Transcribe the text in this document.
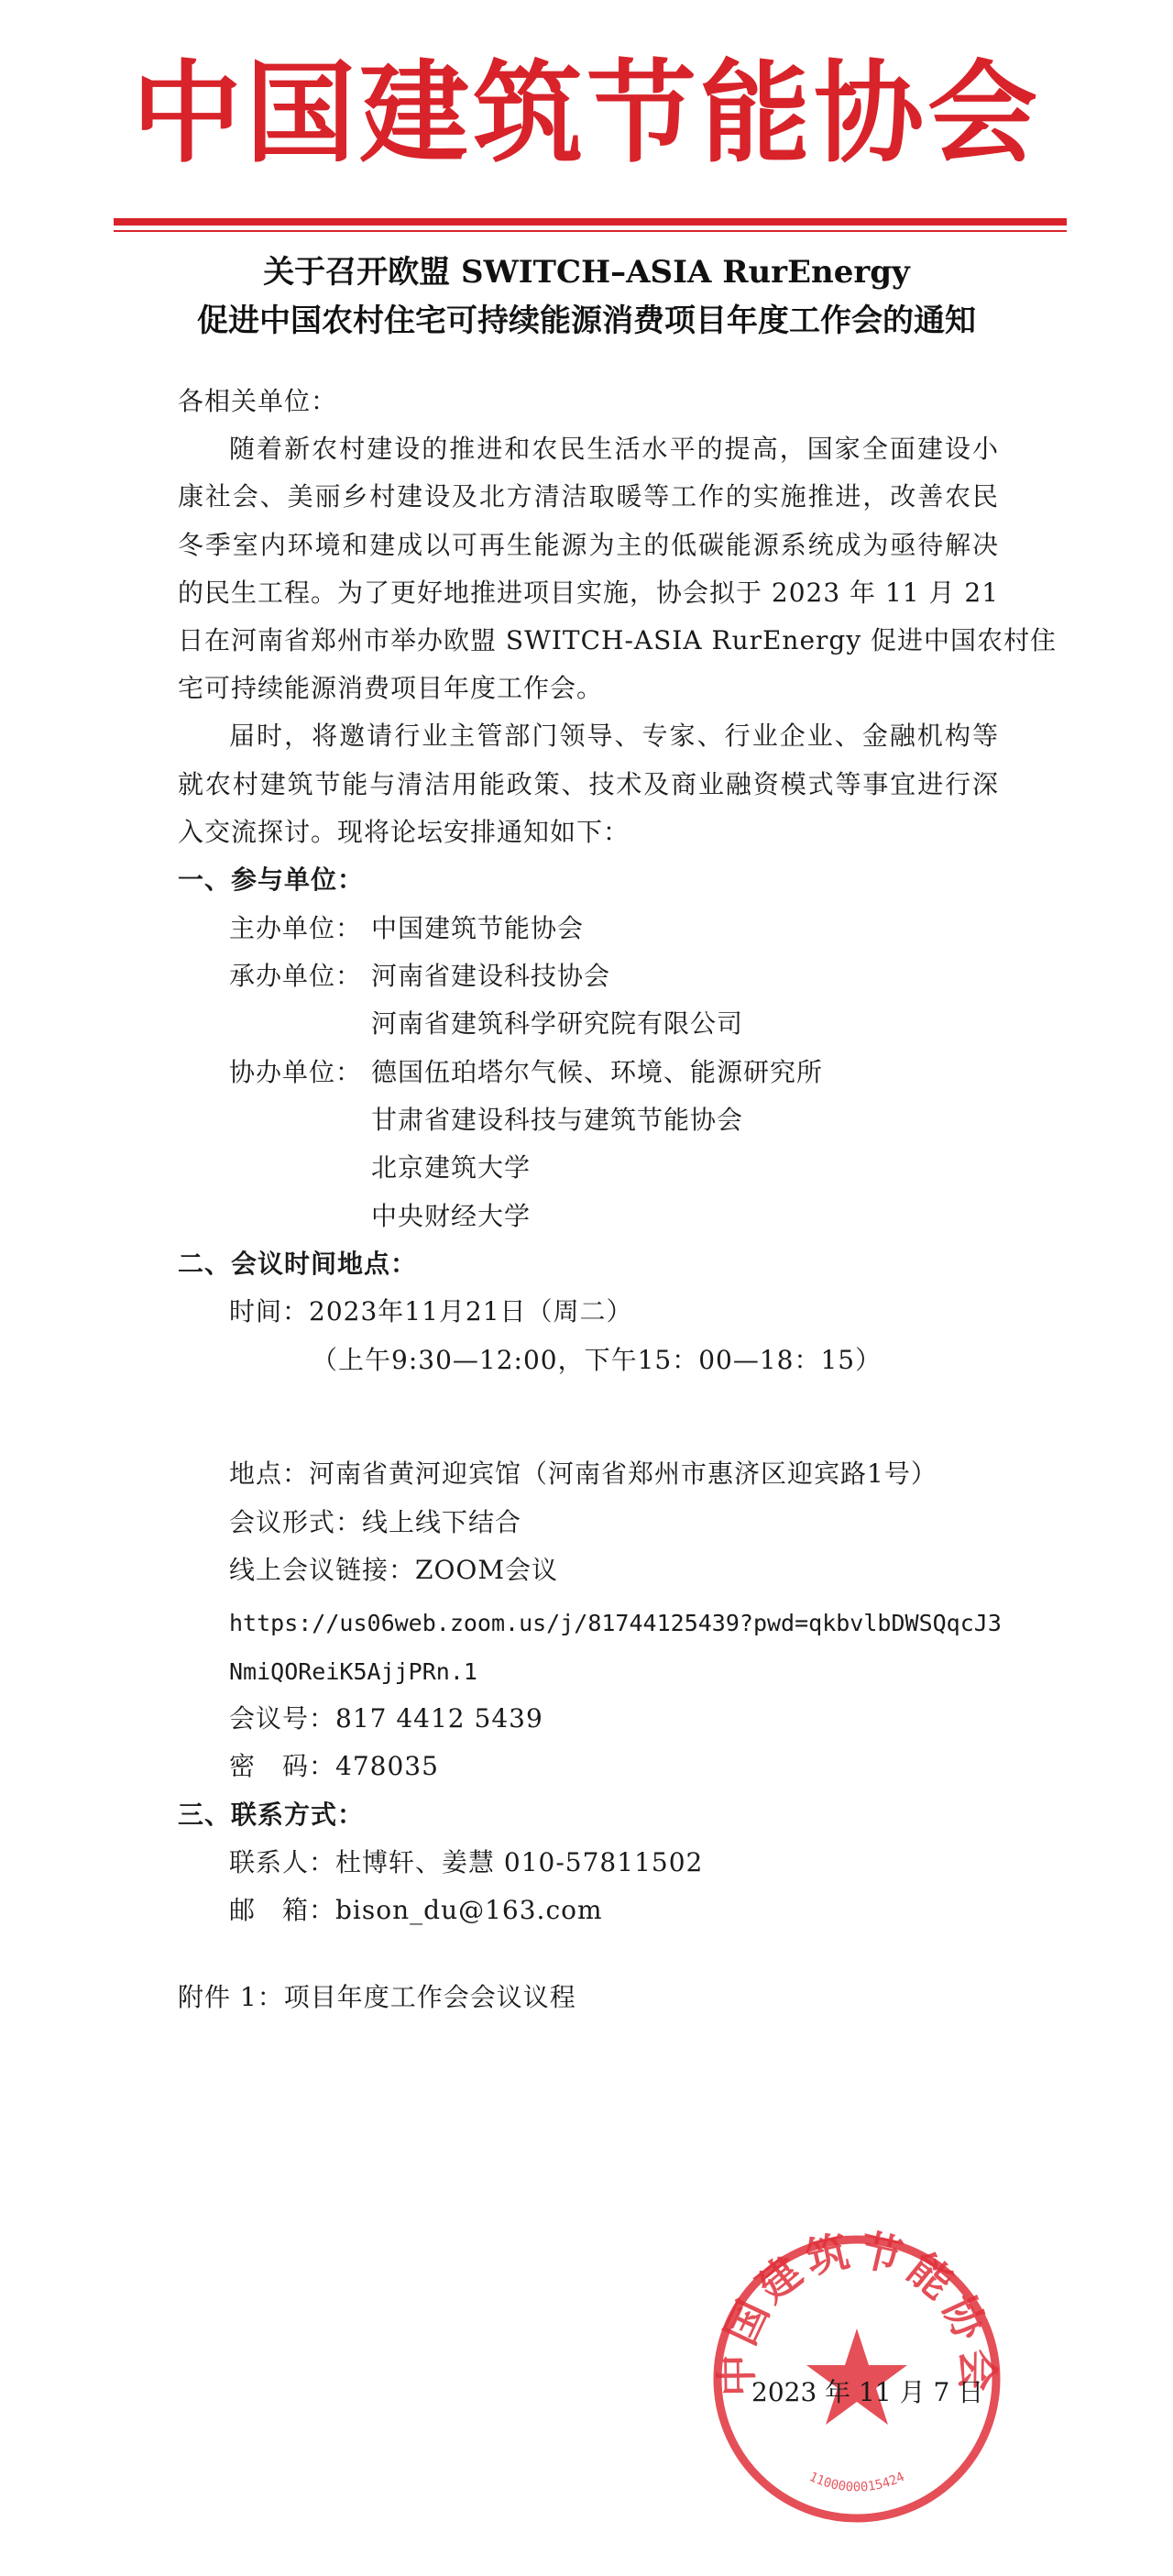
中国建筑节能协会
关于召开欧盟 SWITCH–ASIA RurEnergy
促进中国农村住宅可持续能源消费项目年度工作会的通知
各相关单位：
随着新农村建设的推进和农民生活水平的提高，国家全面建设小
康社会、美丽乡村建设及北方清洁取暖等工作的实施推进，改善农民
冬季室内环境和建成以可再生能源为主的低碳能源系统成为亟待解决
的民生工程。为了更好地推进项目实施，协会拟于 2023 年 11 月 21
日在河南省郑州市举办欧盟 SWITCH-ASIA RurEnergy 促进中国农村住
宅可持续能源消费项目年度工作会。
届时，将邀请行业主管部门领导、专家、行业企业、金融机构等
就农村建筑节能与清洁用能政策、技术及商业融资模式等事宜进行深
入交流探讨。现将论坛安排通知如下：
一、参与单位：
主办单位： 中国建筑节能协会
承办单位： 河南省建设科技协会
河南省建筑科学研究院有限公司
协办单位： 德国伍珀塔尔气候、环境、能源研究所
甘肃省建设科技与建筑节能协会
北京建筑大学
中央财经大学
二、会议时间地点：
时间：2023年11月21日（周二）
（上午9:30—12:00，下午15：00—18：15）
地点：河南省黄河迎宾馆（河南省郑州市惠济区迎宾路1号）
会议形式：线上线下结合
线上会议链接：ZOOM会议
https://us06web.zoom.us/j/81744125439?pwd=qkbvlbDWSQqcJ3
NmiQOReiK5AjjPRn.1
会议号：817 4412 5439
密　码：478035
三、联系方式：
联系人：杜博轩、姜慧 010-57811502
邮　箱：bison_du@163.com
附件 1：项目年度工作会会议议程
中国建筑节能协会
1100000015424
2023 年 11 月 7 日
